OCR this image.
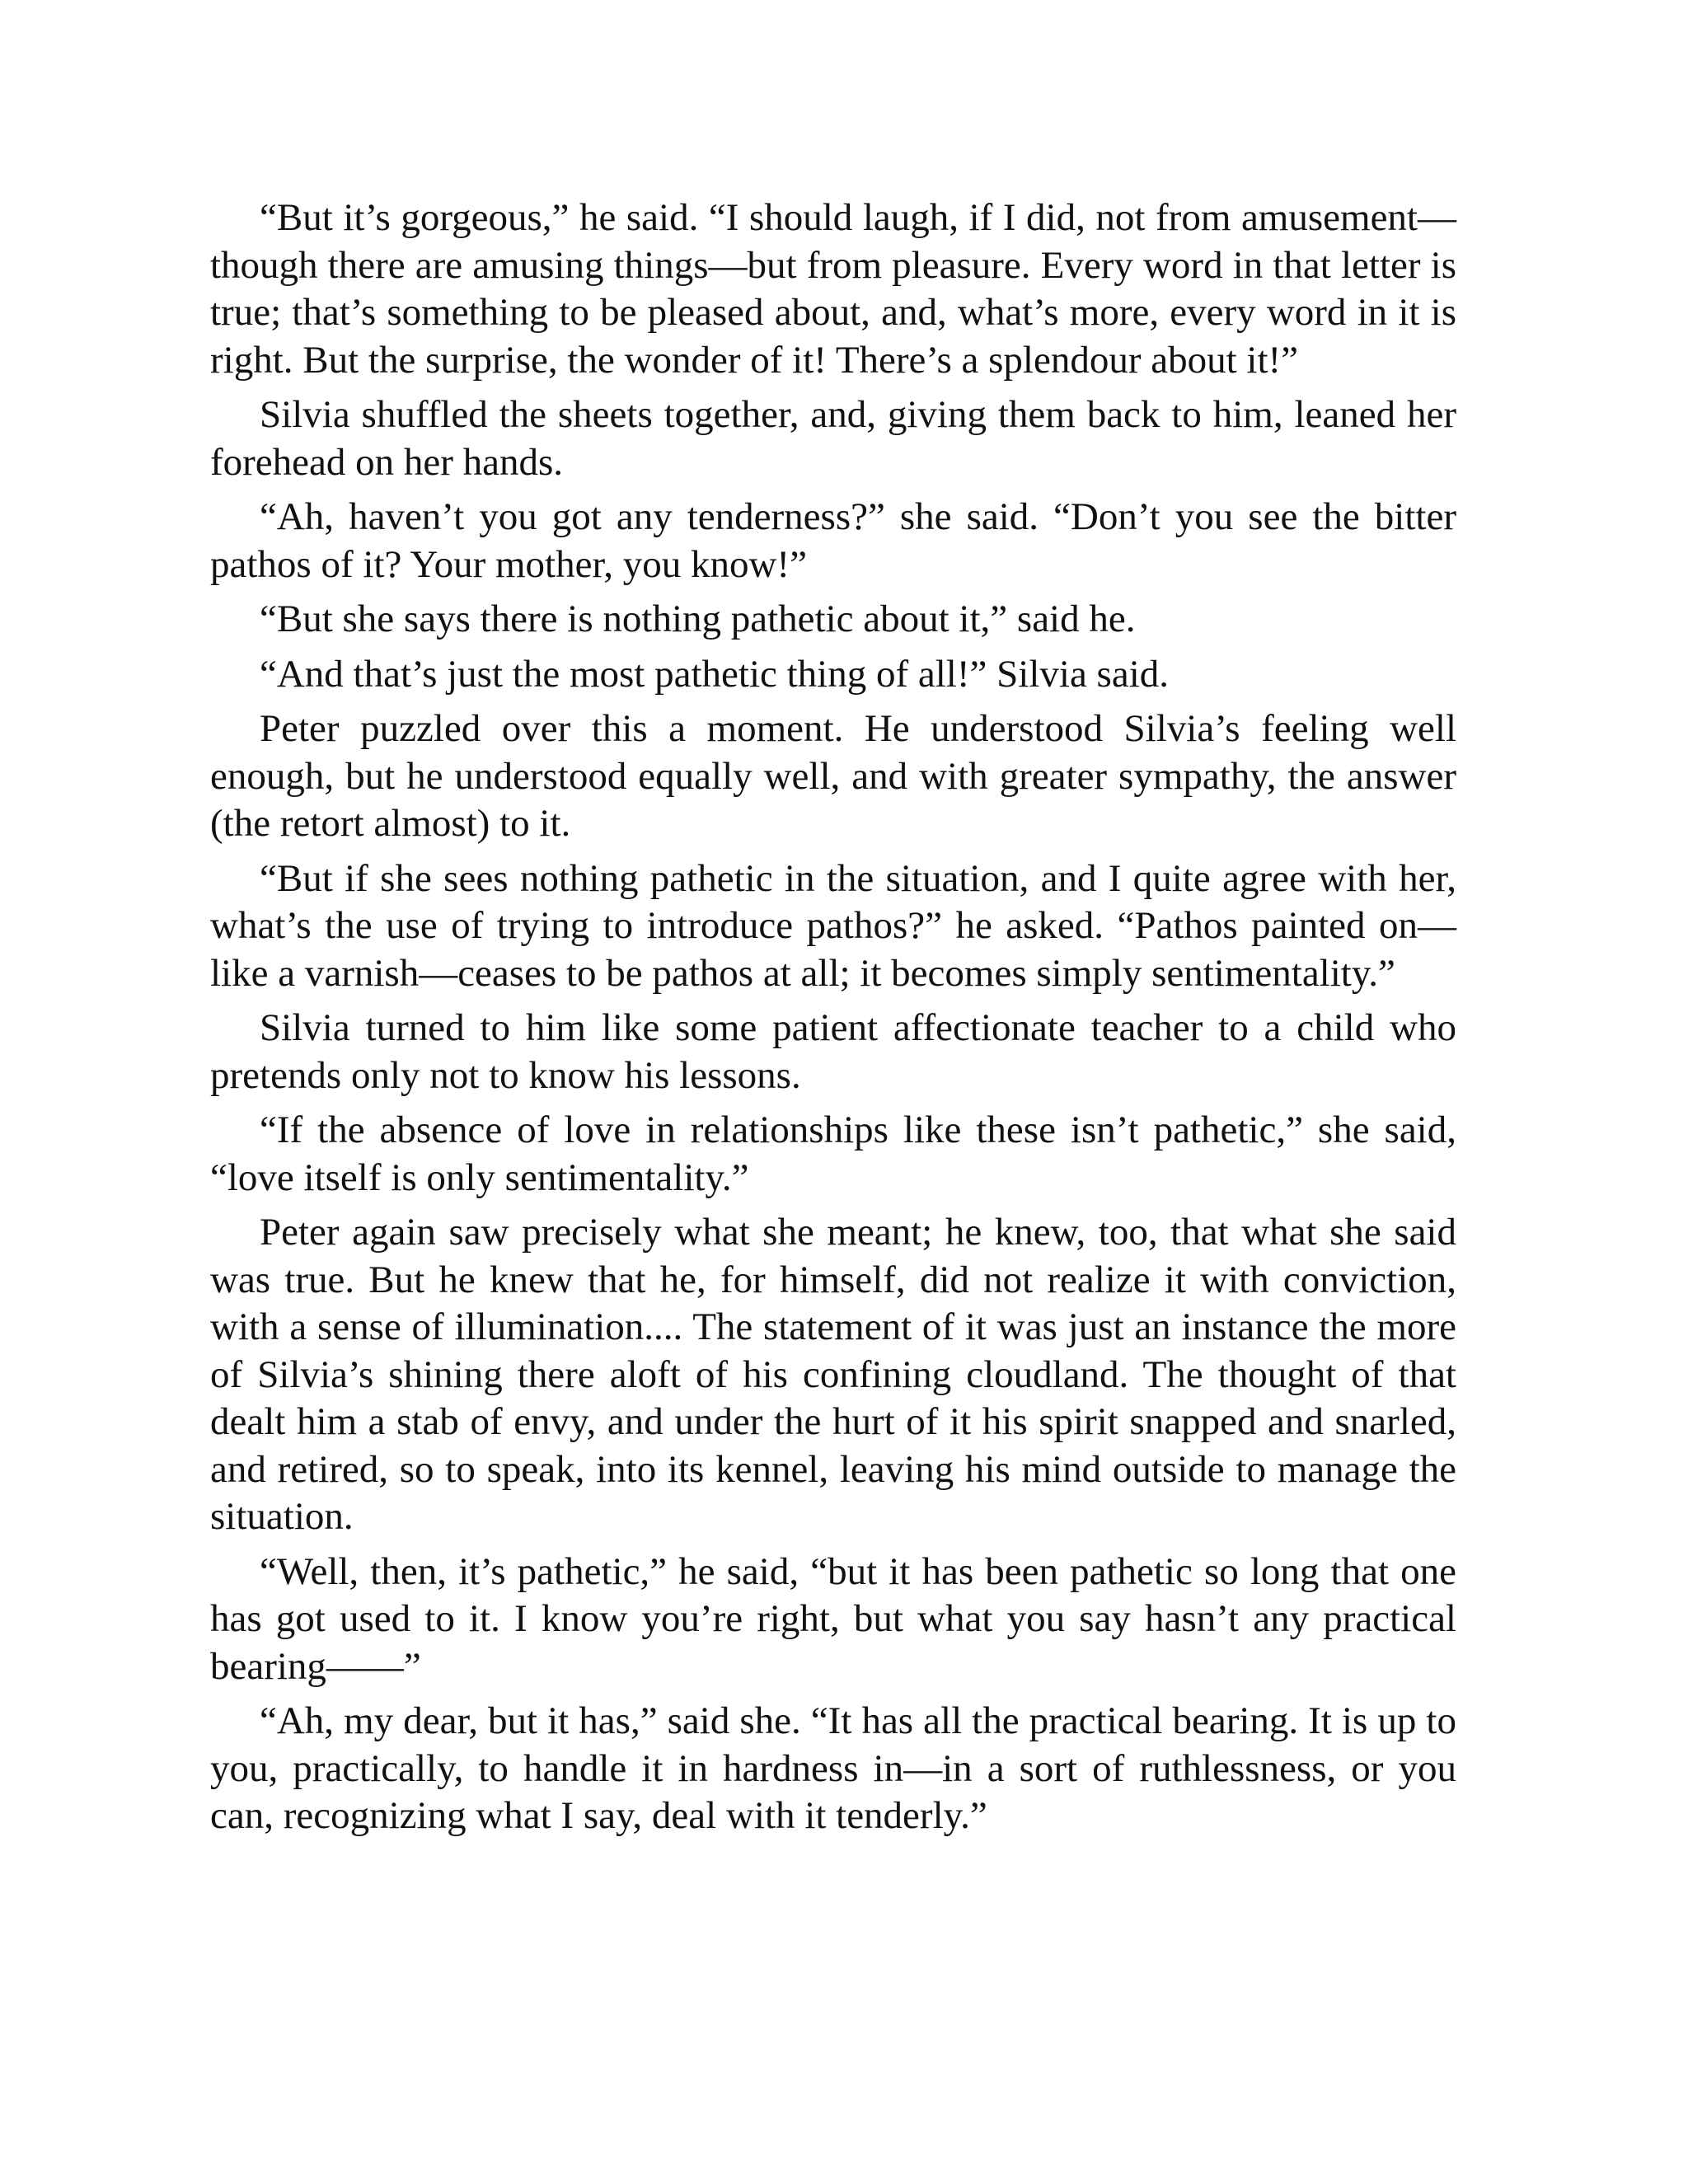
“But it’s gorgeous,” he said. “I should laugh, if I did, not from amusement—though there are amusing things—but from pleasure. Every word in that letter is true; that’s something to be pleased about, and, what’s more, every word in it is right. But the surprise, the wonder of it! There’s a splendour about it!”

Silvia shuffled the sheets together, and, giving them back to him, leaned her forehead on her hands.

“Ah, haven’t you got any tenderness?” she said. “Don’t you see the bitter pathos of it? Your mother, you know!”

“But she says there is nothing pathetic about it,” said he.

“And that’s just the most pathetic thing of all!” Silvia said.

Peter puzzled over this a moment. He understood Silvia’s feeling well enough, but he understood equally well, and with greater sympathy, the answer (the retort almost) to it.

“But if she sees nothing pathetic in the situation, and I quite agree with her, what’s the use of trying to introduce pathos?” he asked. “Pathos painted on—like a varnish—ceases to be pathos at all; it becomes simply sentimentality.”

Silvia turned to him like some patient affectionate teacher to a child who pretends only not to know his lessons.

“If the absence of love in relationships like these isn’t pathetic,” she said, “love itself is only sentimentality.”

Peter again saw precisely what she meant; he knew, too, that what she said was true. But he knew that he, for himself, did not realize it with conviction, with a sense of illumination.... The statement of it was just an instance the more of Silvia’s shining there aloft of his confining cloudland. The thought of that dealt him a stab of envy, and under the hurt of it his spirit snapped and snarled, and retired, so to speak, into its kennel, leaving his mind outside to manage the situation.

“Well, then, it’s pathetic,” he said, “but it has been pathetic so long that one has got used to it. I know you’re right, but what you say hasn’t any practical bearing——”

“Ah, my dear, but it has,” said she. “It has all the practical bearing. It is up to you, practically, to handle it in hardness in—in a sort of ruthlessness, or you can, recognizing what I say, deal with it tenderly.”
